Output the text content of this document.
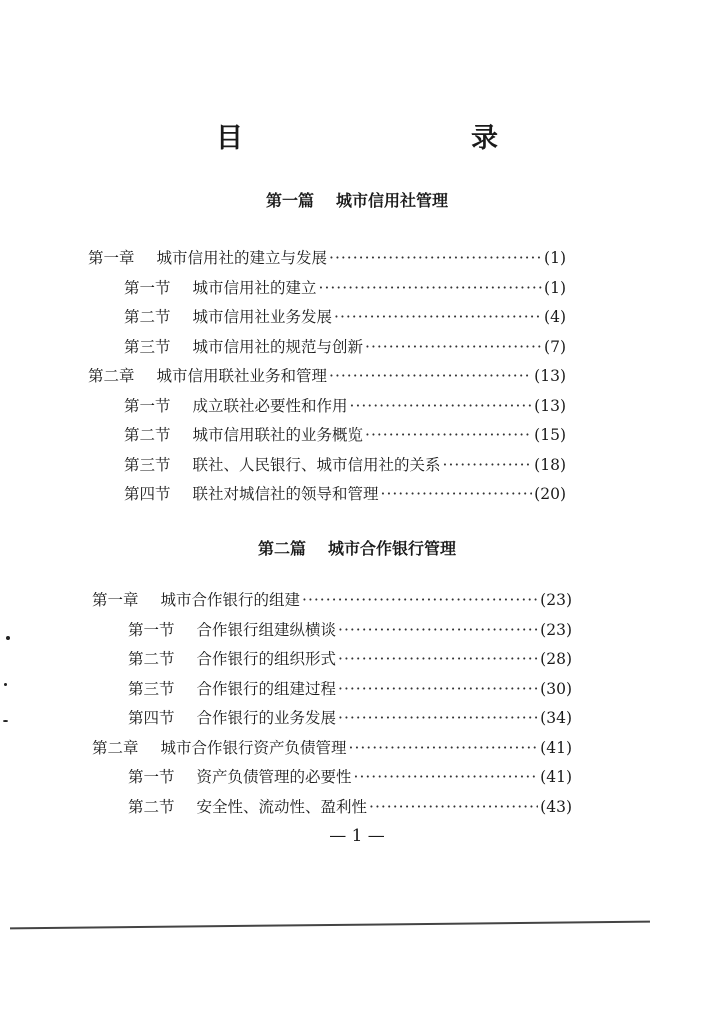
目　　录
第一篇 城市信用社管理
第一章 城市信用社的建立与发展 ·····	(1)
第一节 城市信用社的建立 ·····	(1)
第二节 城市信用社业务发展 ·····	(4)
第三节 城市信用社的规范与创新 ·····	(7)
第二章 城市信用联社业务和管理 ·····	(13)
第一节 成立联社必要性和作用 ·····	(13)
第二节 城市信用联社的业务概览 ·····	(15)
第三节 联社、人民银行、城市信用社的关系 ·····	(18)
第四节 联社对城信社的领导和管理 ·····	(20)
第二篇 城市合作银行管理
第一章 城市合作银行的组建 ·····	(23)
第一节 合作银行组建纵横谈 ·····	(23)
第二节 合作银行的组织形式 ·····	(28)
第三节 合作银行的组建过程 ·····	(30)
第四节 合作银行的业务发展 ·····	(34)
第二章 城市合作银行资产负债管理 ·····	(41)
第一节 资产负债管理的必要性 ·····	(41)
第二节 安全性、流动性、盈利性 ·····	(43)
— 1 —
